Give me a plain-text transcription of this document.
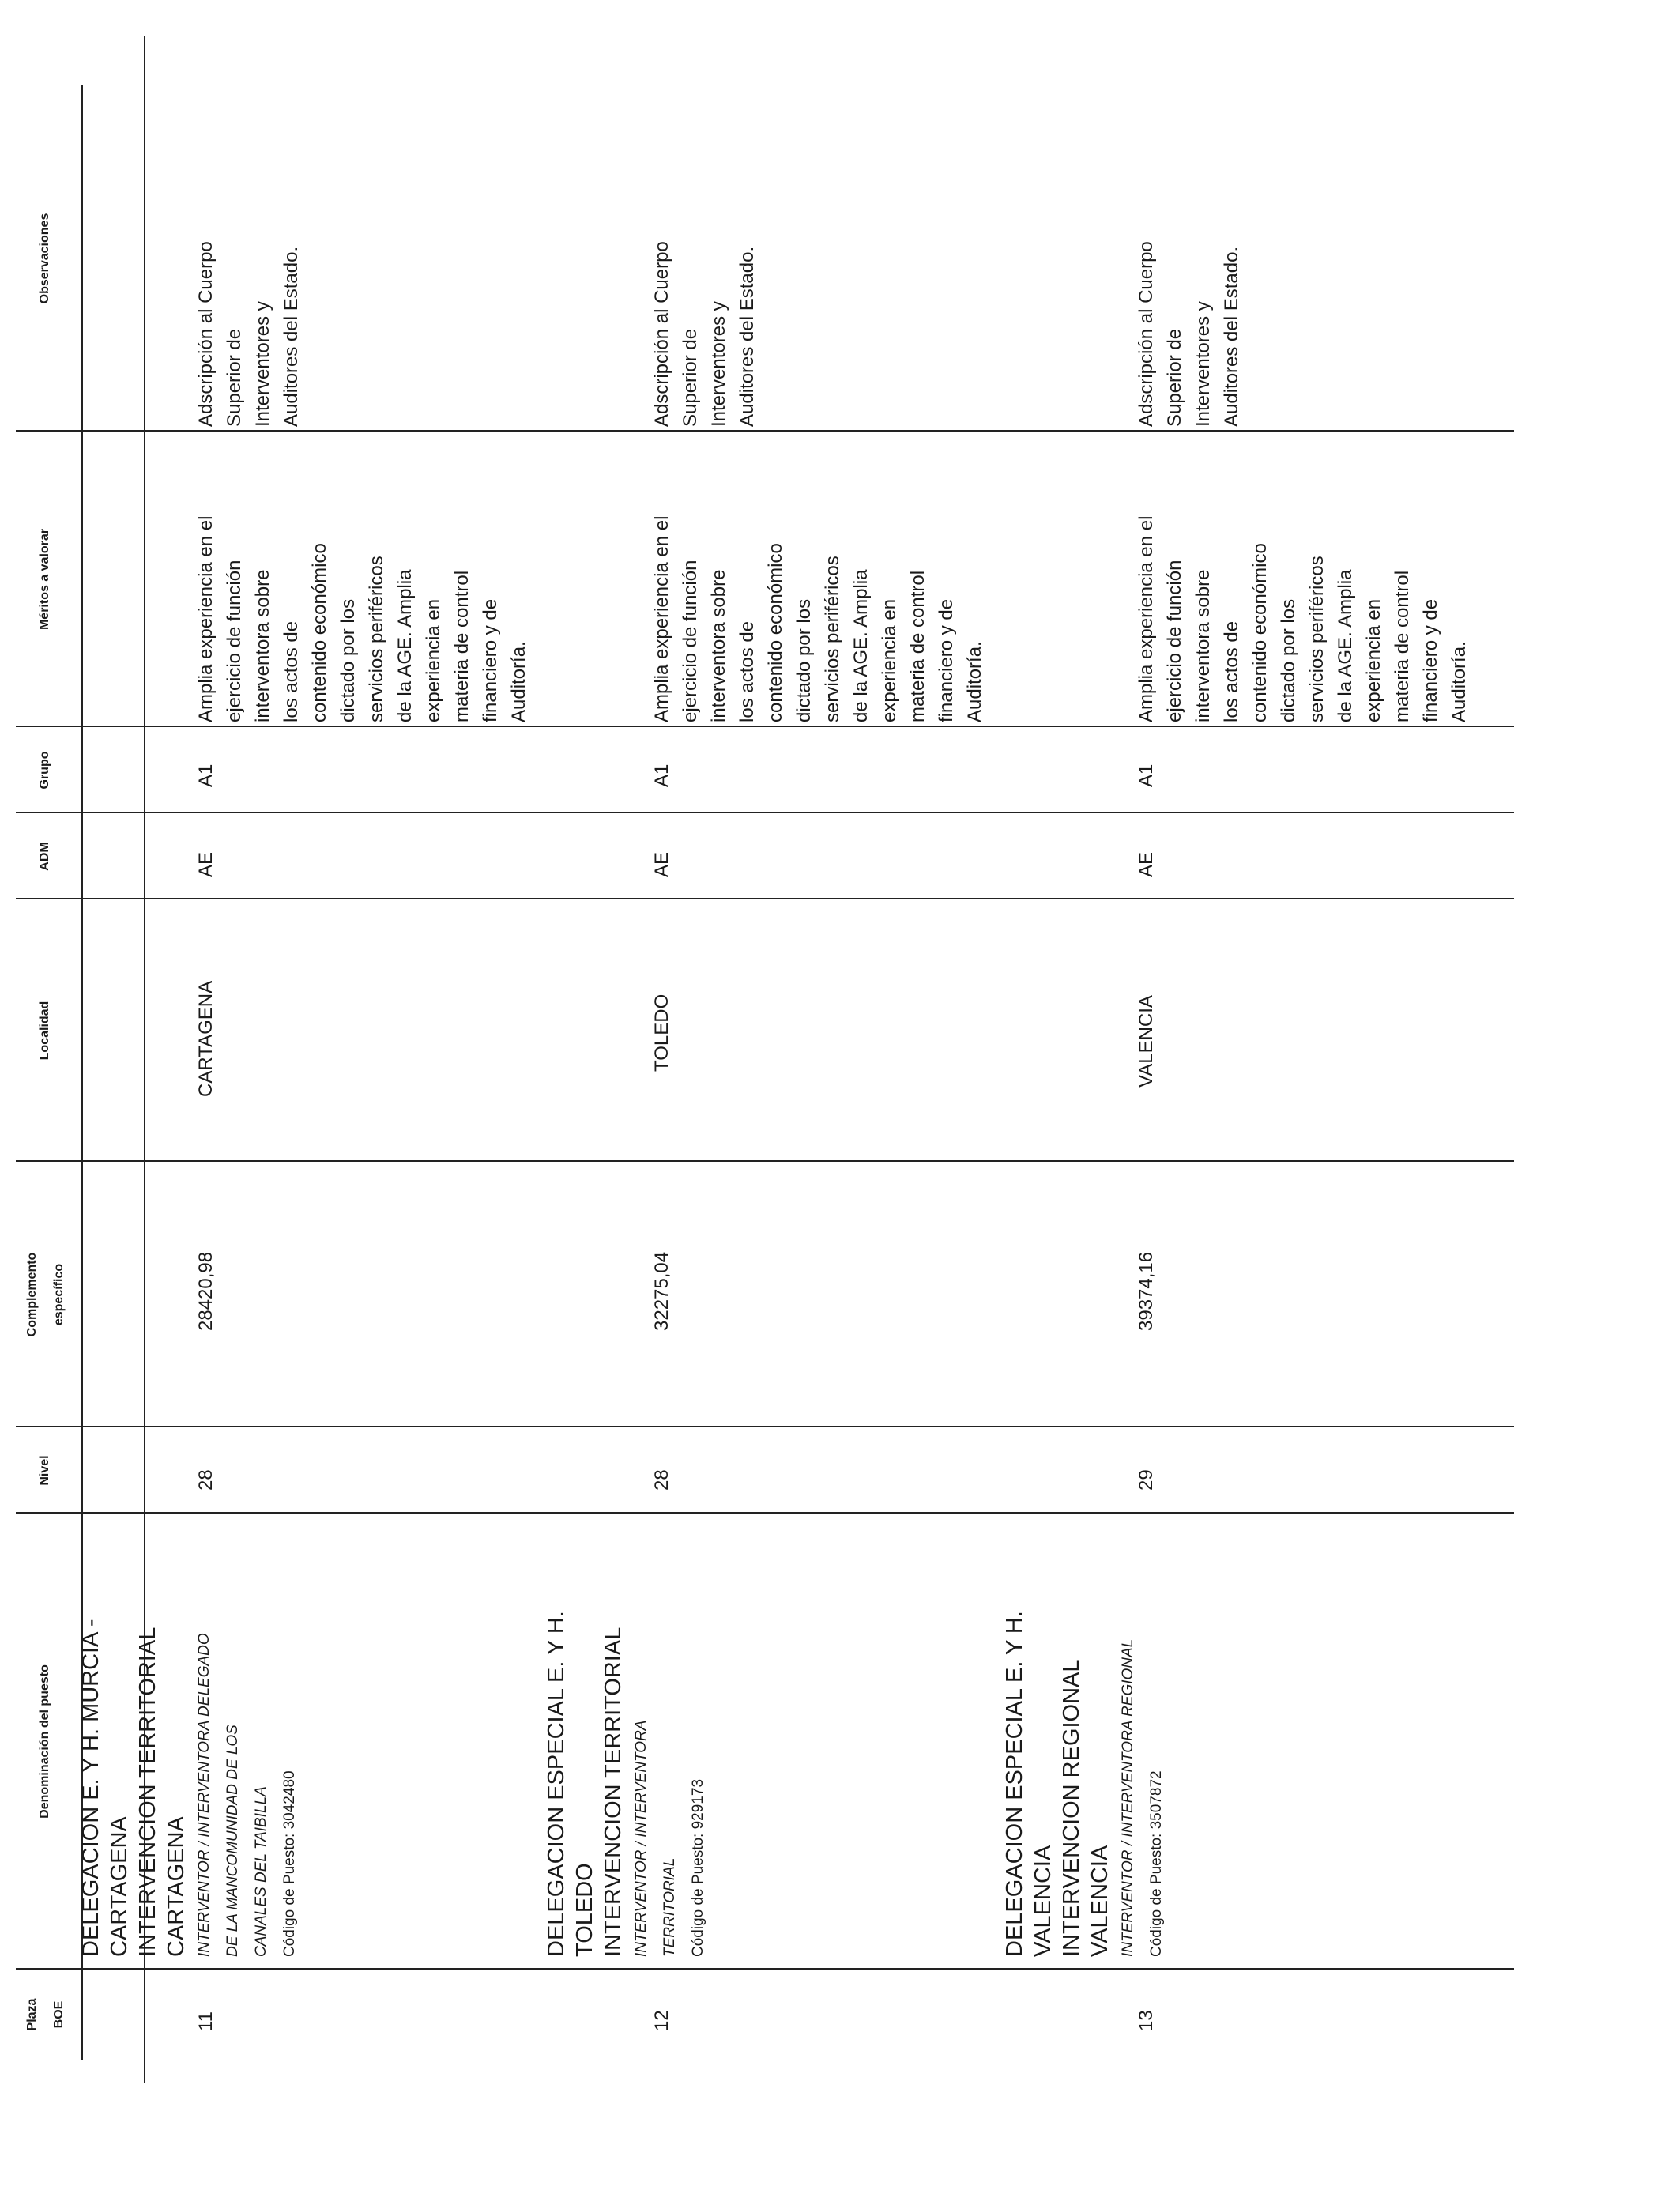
Plaza	BOE
Denominación del puesto
Nivel
Complemento	específico
Localidad
ADM
Grupo
Méritos a valorar
Observaciones
11
DELEGACION E. Y H. MURCIA - CARTAGENA INTERVENCION TERRITORIAL CARTAGENA INTERVENTOR / INTERVENTORA DELEGADO DE LA MANCOMUNIDAD DE LOS CANALES DEL TAIBILLA Código de Puesto: 3042480
28
28420,98
CARTAGENA
AE
A1
Amplia experiencia en el ejercicio de función interventora sobre los actos de contenido económico dictado por los servicios periféricos de la AGE. Amplia experiencia en materia de control financiero y de Auditoría.
Adscripción al Cuerpo Superior de Interventores y Auditores del Estado.
12
DELEGACION ESPECIAL E. Y H. TOLEDO INTERVENCION TERRITORIAL INTERVENTOR / INTERVENTORA TERRITORIAL Código de Puesto: 929173
28
32275,04
TOLEDO
AE
A1
Amplia experiencia en el ejercicio de función interventora sobre los actos de contenido económico dictado por los servicios periféricos de la AGE. Amplia experiencia en materia de control financiero y de Auditoría.
Adscripción al Cuerpo Superior de Interventores y Auditores del Estado.
13
DELEGACION ESPECIAL E. Y H. VALENCIA INTERVENCION REGIONAL VALENCIA INTERVENTOR / INTERVENTORA REGIONAL Código de Puesto: 3507872
29
39374,16
VALENCIA
AE
A1
Amplia experiencia en el ejercicio de función interventora sobre los actos de contenido económico dictado por los servicios periféricos de la AGE. Amplia experiencia en materia de control financiero y de Auditoría.
Adscripción al Cuerpo Superior de Interventores y Auditores del Estado.
